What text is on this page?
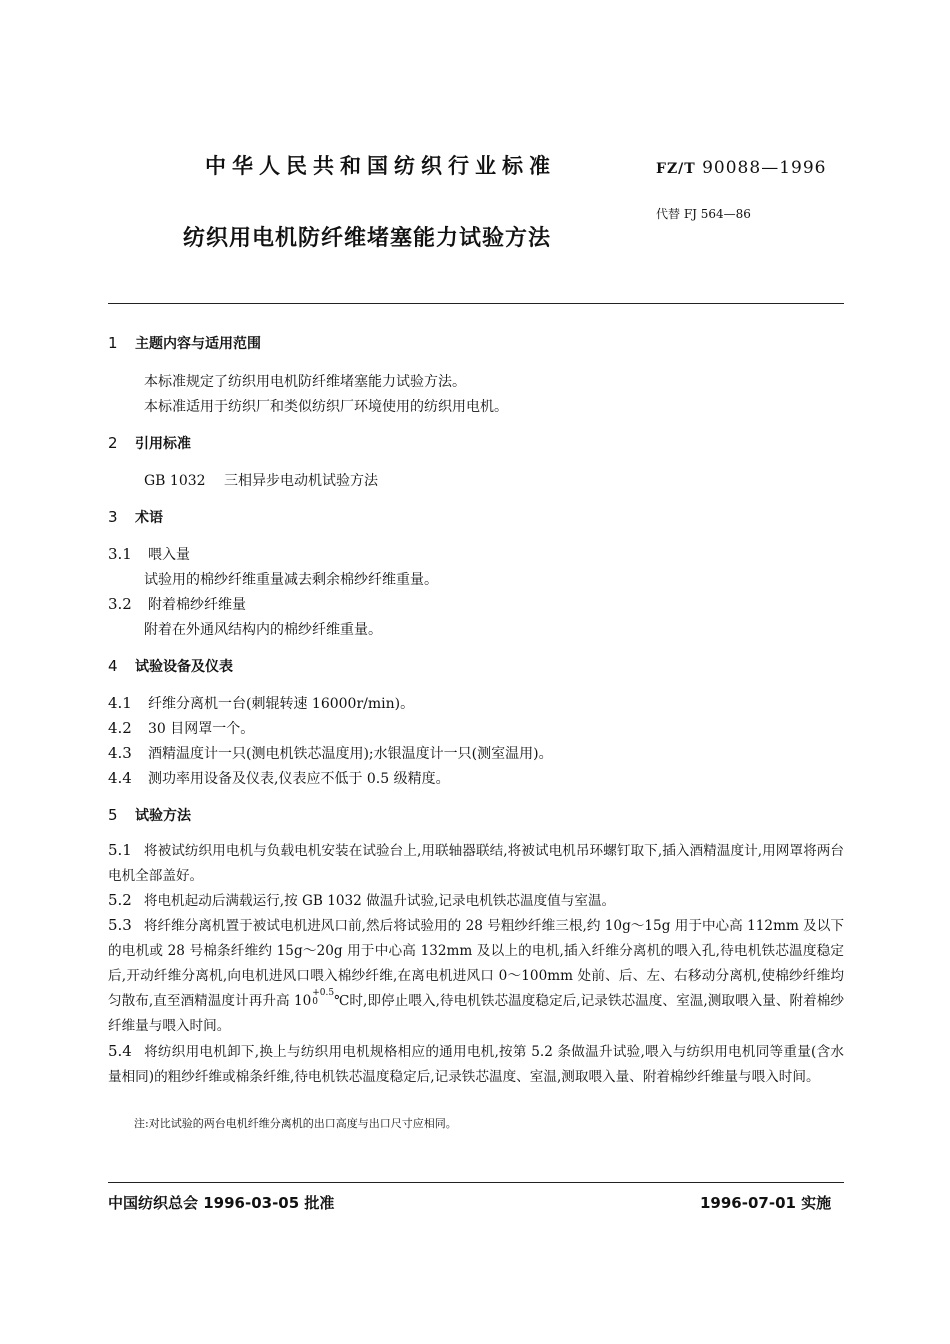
中华人民共和国纺织行业标准	FZ/T 90088—1996
代替 FJ 564—86
纺织用电机防纤维堵塞能力试验方法
1 主题内容与适用范围
本标准规定了纺织用电机防纤维堵塞能力试验方法。
本标准适用于纺织厂和类似纺织厂环境使用的纺织用电机。
2 引用标准
GB 1032 三相异步电动机试验方法
3 术语
3.1 喂入量
试验用的棉纱纤维重量减去剩余棉纱纤维重量。
3.2 附着棉纱纤维量
附着在外通风结构内的棉纱纤维重量。
4 试验设备及仪表
4.1 纤维分离机一台(刺辊转速 16000r/min)。
4.2 30 目网罩一个。
4.3 酒精温度计一只(测电机铁芯温度用);水银温度计一只(测室温用)。
4.4 测功率用设备及仪表,仪表应不低于 0.5 级精度。
5 试验方法
5.1 将被试纺织用电机与负载电机安装在试验台上,用联轴器联结,将被试电机吊环螺钉取下,插入酒精温度计,用网罩将两台电机全部盖好。
5.2 将电机起动后满载运行,按 GB 1032 做温升试验,记录电机铁芯温度值与室温。
5.3 将纤维分离机置于被试电机进风口前,然后将试验用的 28 号粗纱纤维三根,约 10g～15g 用于中心高 112mm 及以下的电机或 28 号棉条纤维约 15g～20g 用于中心高 132mm 及以上的电机,插入纤维分离机的喂入孔,待电机铁芯温度稳定后,开动纤维分离机,向电机进风口喂入棉纱纤维,在离电机进风口 0～100mm 处前、后、左、右移动分离机,使棉纱纤维均匀散布,直至酒精温度计再升高 10 +0.5
0	℃时,即停止喂入,待电机铁芯温度稳定后,记录铁芯温度、室温,测取喂入量、附着棉纱纤维量与喂入时间。
5.4 将纺织用电机卸下,换上与纺织用电机规格相应的通用电机,按第 5.2 条做温升试验,喂入与纺织用电机同等重量(含水量相同)的粗纱纤维或棉条纤维,待电机铁芯温度稳定后,记录铁芯温度、室温,测取喂入量、附着棉纱纤维量与喂入时间。
注:对比试验的两台电机纤维分离机的出口高度与出口尺寸应相同。
中国纺织总会 1996-03-05 批准	1996-07-01 实施
